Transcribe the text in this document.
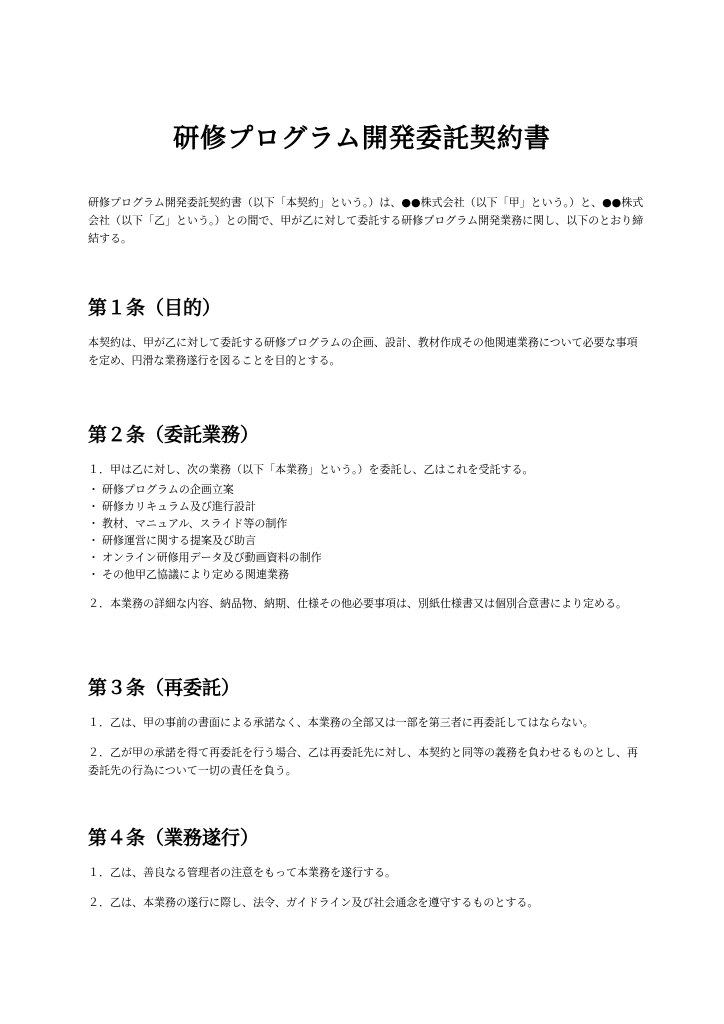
研修プログラム開発委託契約書

研修プログラム開発委託契約書（以下「本契約」という。）は、●●株式会社（以下「甲」という。）と、●●株式会社（以下「乙」という。）との間で、甲が乙に対して委託する研修プログラム開発業務に関し、以下のとおり締結する。

第１条（目的）

本契約は、甲が乙に対して委託する研修プログラムの企画、設計、教材作成その他関連業務について必要な事項を定め、円滑な業務遂行を図ることを目的とする。

第２条（委託業務）

１．甲は乙に対し、次の業務（以下「本業務」という。）を委託し、乙はこれを受託する。

・ 研修プログラムの企画立案
・ 研修カリキュラム及び進行設計
・ 教材、マニュアル、スライド等の制作
・ 研修運営に関する提案及び助言
・ オンライン研修用データ及び動画資料の制作
・ その他甲乙協議により定める関連業務

２．本業務の詳細な内容、納品物、納期、仕様その他必要事項は、別紙仕様書又は個別合意書により定める。

第３条（再委託）

１．乙は、甲の事前の書面による承諾なく、本業務の全部又は一部を第三者に再委託してはならない。

２．乙が甲の承諾を得て再委託を行う場合、乙は再委託先に対し、本契約と同等の義務を負わせるものとし、再委託先の行為について一切の責任を負う。

第４条（業務遂行）

１．乙は、善良なる管理者の注意をもって本業務を遂行する。

２．乙は、本業務の遂行に際し、法令、ガイドライン及び社会通念を遵守するものとする。
